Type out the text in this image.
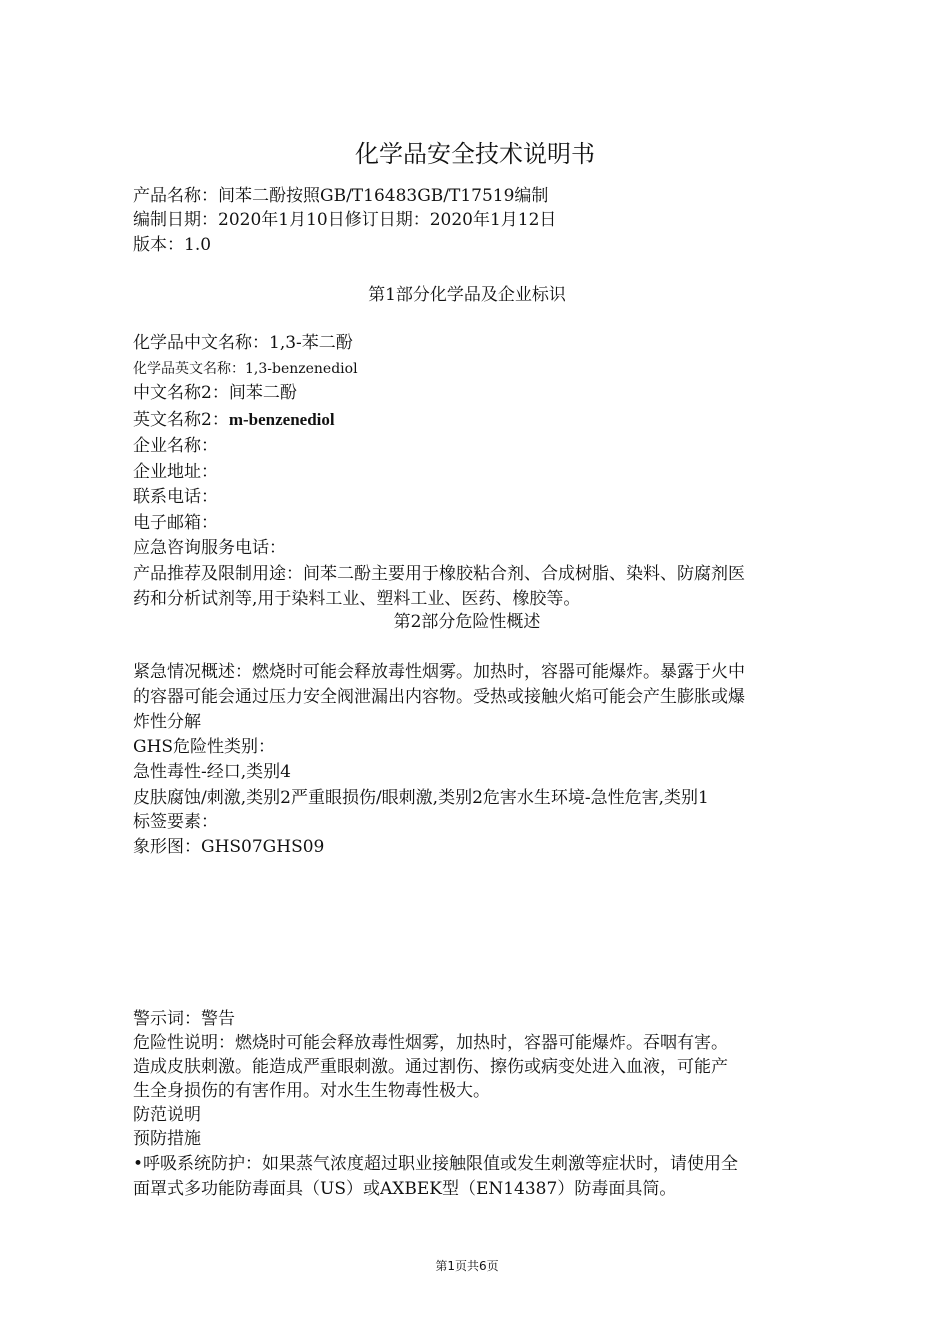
化学品安全技术说明书
产品名称：间苯二酚按照GB/T16483GB/T17519编制
编制日期：2020年1月10日修订日期：2020年1月12日
版本：1.0
第1部分化学品及企业标识
化学品中文名称：1,3-苯二酚
化学品英文名称：1,3-benzenediol
中文名称2：间苯二酚
英文名称2：m-benzenediol
企业名称：
企业地址：
联系电话：
电子邮箱：
应急咨询服务电话：
产品推荐及限制用途：间苯二酚主要用于橡胶粘合剂、合成树脂、染料、防腐剂医
药和分析试剂等,用于染料工业、塑料工业、医药、橡胶等。
第2部分危险性概述
紧急情况概述：燃烧时可能会释放毒性烟雾。加热时，容器可能爆炸。暴露于火中
的容器可能会通过压力安全阀泄漏出内容物。受热或接触火焰可能会产生膨胀或爆
炸性分解
GHS危险性类别：
急性毒性-经口,类别4
皮肤腐蚀/刺激,类别2严重眼损伤/眼刺激,类别2危害水生环境-急性危害,类别1
标签要素：
象形图：GHS07GHS09
警示词：警告
危险性说明：燃烧时可能会释放毒性烟雾，加热时，容器可能爆炸。吞咽有害。
造成皮肤刺激。能造成严重眼刺激。通过割伤、擦伤或病变处进入血液，可能产
生全身损伤的有害作用。对水生生物毒性极大。
防范说明
预防措施
•呼吸系统防护：如果蒸气浓度超过职业接触限值或发生刺激等症状时，请使用全
面罩式多功能防毒面具（US）或AXBEK型（EN14387）防毒面具筒。
第1页共6页
